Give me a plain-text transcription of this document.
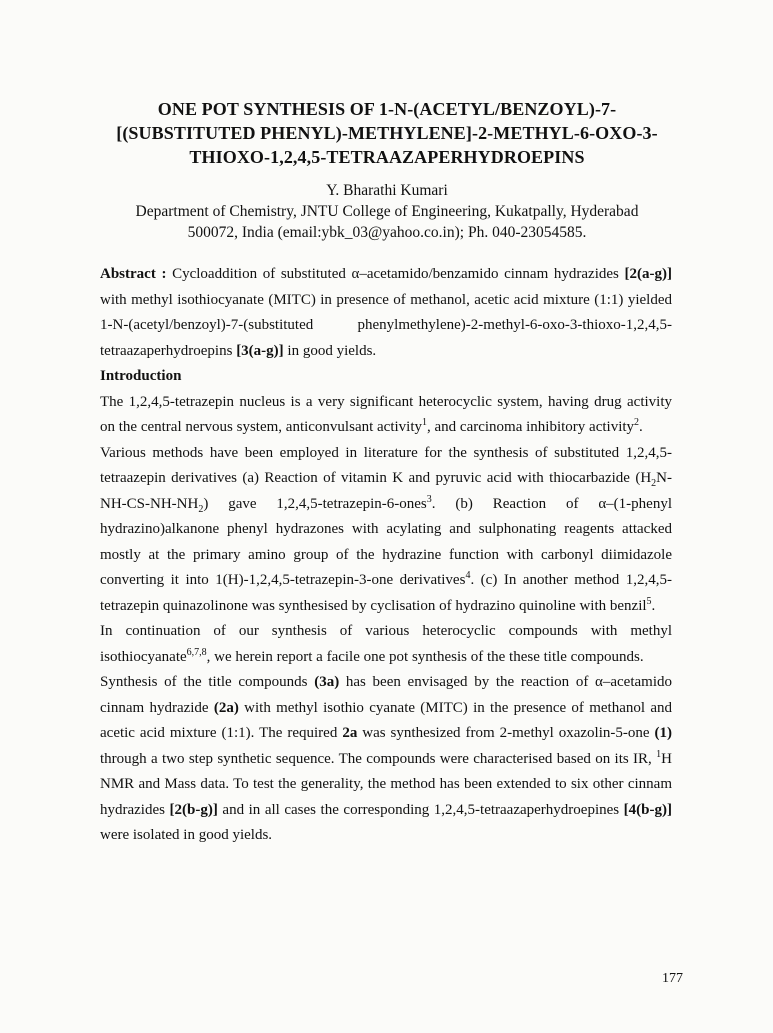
ONE POT SYNTHESIS OF 1-N-(ACETYL/BENZOYL)-7-
[(SUBSTITUTED PHENYL)-METHYLENE]-2-METHYL-6-OXO-3-
THIOXO-1,2,4,5-TETRAAZAPERHYDROEPINS
Y. Bharathi Kumari
Department of Chemistry, JNTU College of Engineering, Kukatpally, Hyderabad
500072, India (email:ybk_03@yahoo.co.in); Ph. 040-23054585.

Abstract : Cycloaddition of substituted α–acetamido/benzamido cinnam hydrazides [2(a-g)] with methyl isothiocyanate (MITC) in presence of methanol, acetic acid mixture (1:1) yielded 1-N-(acetyl/benzoyl)-7-(substituted phenylmethylene)-2-methyl-6-oxo-3-thioxo-1,2,4,5-tetraazaperhydroepins [3(a-g)] in good yields.

Introduction

The 1,2,4,5-tetrazepin nucleus is a very significant heterocyclic system, having drug activity on the central nervous system, anticonvulsant activity$^1$, and carcinoma inhibitory activity$^2$.

Various methods have been employed in literature for the synthesis of substituted 1,2,4,5-tetraazepin derivatives (a) Reaction of vitamin K and pyruvic acid with thiocarbazide $(H_2N-NH-CS-NH-NH_2)$ gave 1,2,4,5-tetrazepin-6-ones$^3$. (b) Reaction of α–(1-phenyl hydrazino)alkanone phenyl hydrazones with acylating and sulphonating reagents attacked mostly at the primary amino group of the hydrazine function with carbonyl diimidazole converting it into 1(H)-1,2,4,5-tetrazepin-3-one derivatives$^4$. (c) In another method 1,2,4,5-tetrazepin quinazolinone was synthesised by cyclisation of hydrazino quinoline with benzil$^5$.

In continuation of our synthesis of various heterocyclic compounds with methyl isothiocyanate$^{6,7,8}$, we herein report a facile one pot synthesis of the these title compounds.

Synthesis of the title compounds (3a) has been envisaged by the reaction of α–acetamido cinnam hydrazide (2a) with methyl isothio cyanate (MITC) in the presence of methanol and acetic acid mixture (1:1). The required 2a was synthesized from 2-methyl oxazolin-5-one (1) through a two step synthetic sequence. The compounds were characterised based on its IR, $^1$H NMR and Mass data. To test the generality, the method has been extended to six other cinnam hydrazides [2(b-g)] and in all cases the corresponding 1,2,4,5-tetraazaperhydroepines [4(b-g)] were isolated in good yields.

177
